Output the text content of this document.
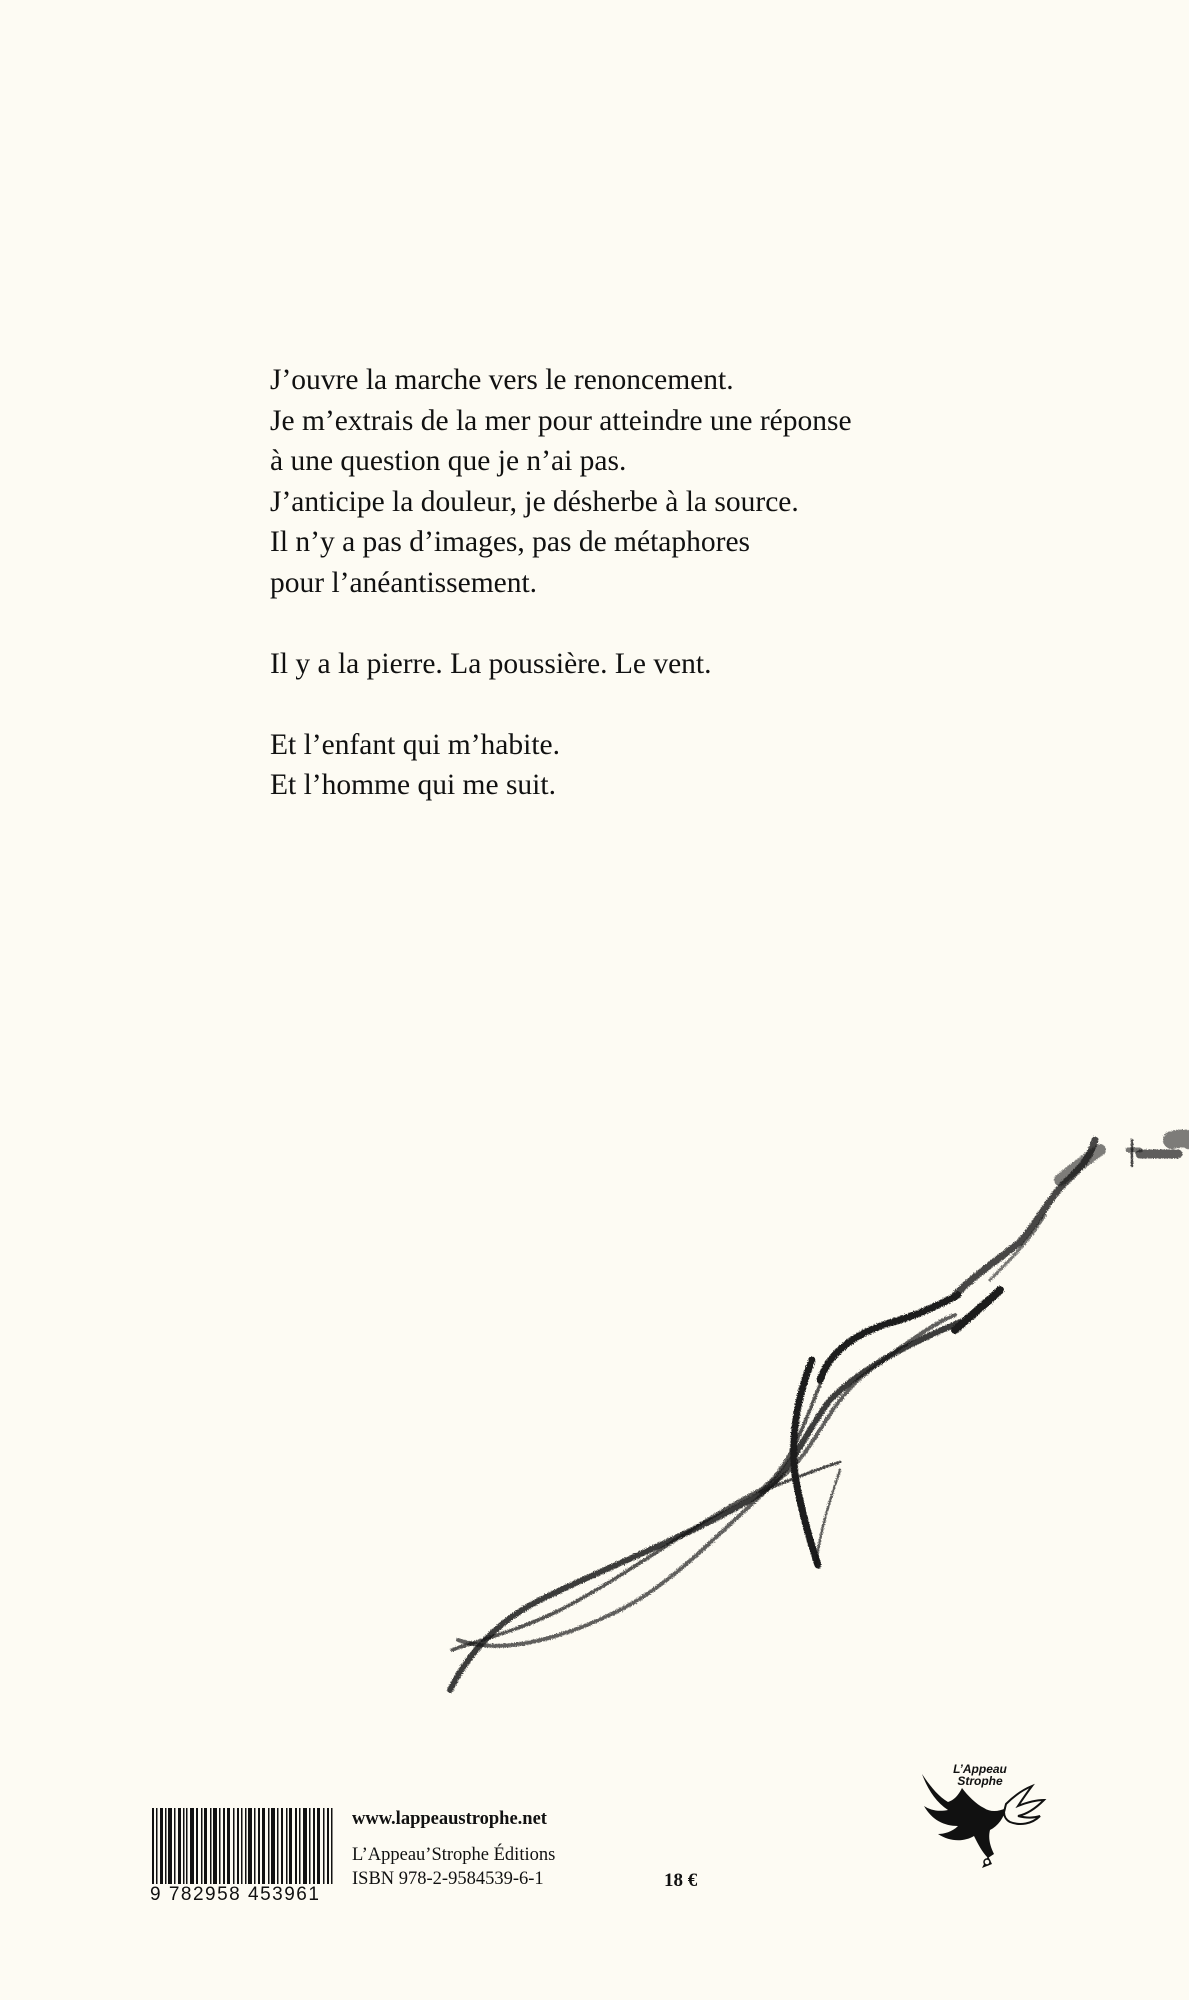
J’ouvre la marche vers le renoncement.
Je m’extrais de la mer pour atteindre une réponse
à une question que je n’ai pas.
J’anticipe la douleur, je désherbe à la source.
Il n’y a pas d’images, pas de métaphores
pour l’anéantissement.

Il y a la pierre. La poussière. Le vent.

Et l’enfant qui m’habite.
Et l’homme qui me suit.

9 782958 453961
www.lappeaustrophe.net
L’Appeau’Strophe Éditions
ISBN 978-2-9584539-6-1	18 €
L’Appeau
Strophe
